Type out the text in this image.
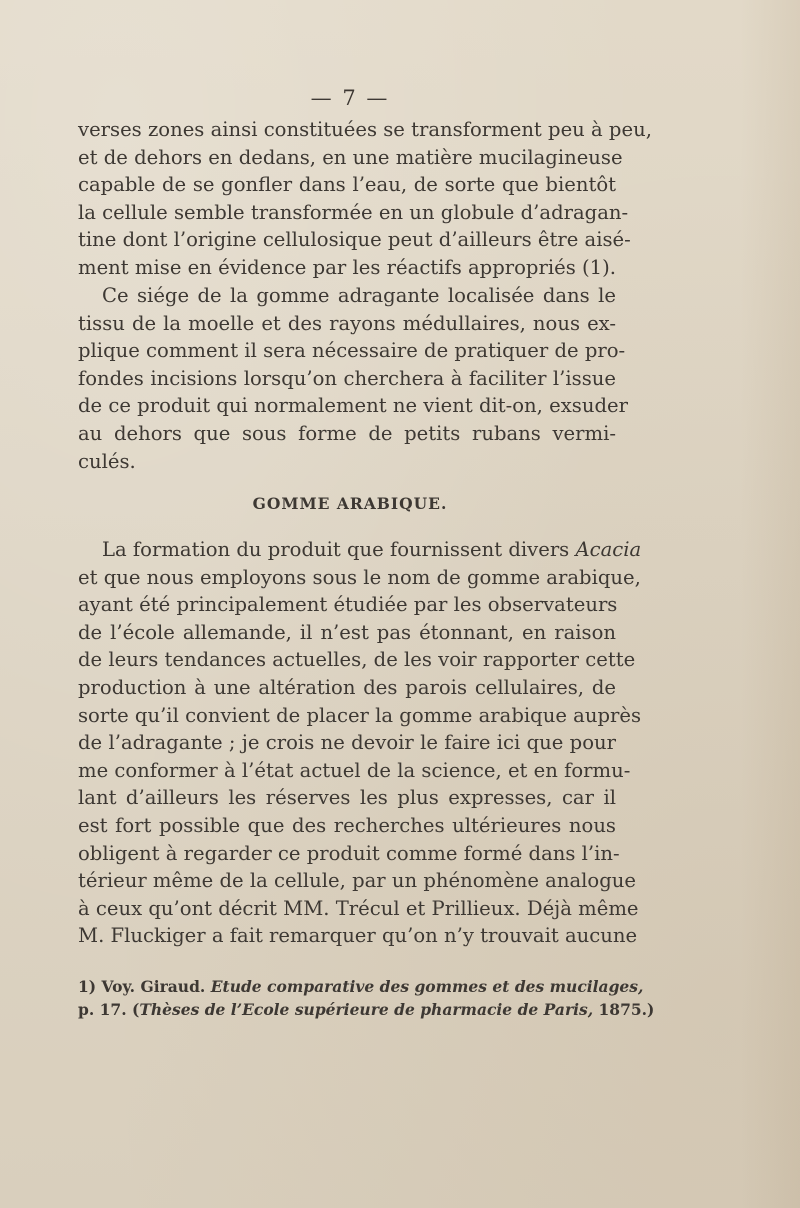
— 7 —

verses zones ainsi constituées se transforment peu à peu,
et de dehors en dedans, en une matière mucilagineuse
capable de se gonfler dans l’eau, de sorte que bientôt
la cellule semble transformée en un globule d’adragan-
tine dont l’origine cellulosique peut d’ailleurs être aisé-
ment mise en évidence par les réactifs appropriés (1).

Ce siége de la gomme adragante localisée dans le
tissu de la moelle et des rayons médullaires, nous ex-
plique comment il sera nécessaire de pratiquer de pro-
fondes incisions lorsqu’on cherchera à faciliter l’issue
de ce produit qui normalement ne vient dit-on, exsuder
au dehors que sous forme de petits rubans vermi-
culés.

GOMME ARABIQUE.

La formation du produit que fournissent divers Acacia
et que nous employons sous le nom de gomme arabique,
ayant été principalement étudiée par les observateurs
de l’école allemande, il n’est pas étonnant, en raison
de leurs tendances actuelles, de les voir rapporter cette
production à une altération des parois cellulaires, de
sorte qu’il convient de placer la gomme arabique auprès
de l’adragante ; je crois ne devoir le faire ici que pour
me conformer à l’état actuel de la science, et en formu-
lant d’ailleurs les réserves les plus expresses, car il
est fort possible que des recherches ultérieures nous
obligent à regarder ce produit comme formé dans l’in-
térieur même de la cellule, par un phénomène analogue
à ceux qu’ont décrit MM. Trécul et Prillieux. Déjà même
M. Fluckiger a fait remarquer qu’on n’y trouvait aucune

1) Voy. Giraud. Etude comparative des gommes et des mucilages,
p. 17. (Thèses de l’Ecole supérieure de pharmacie de Paris, 1875.)
